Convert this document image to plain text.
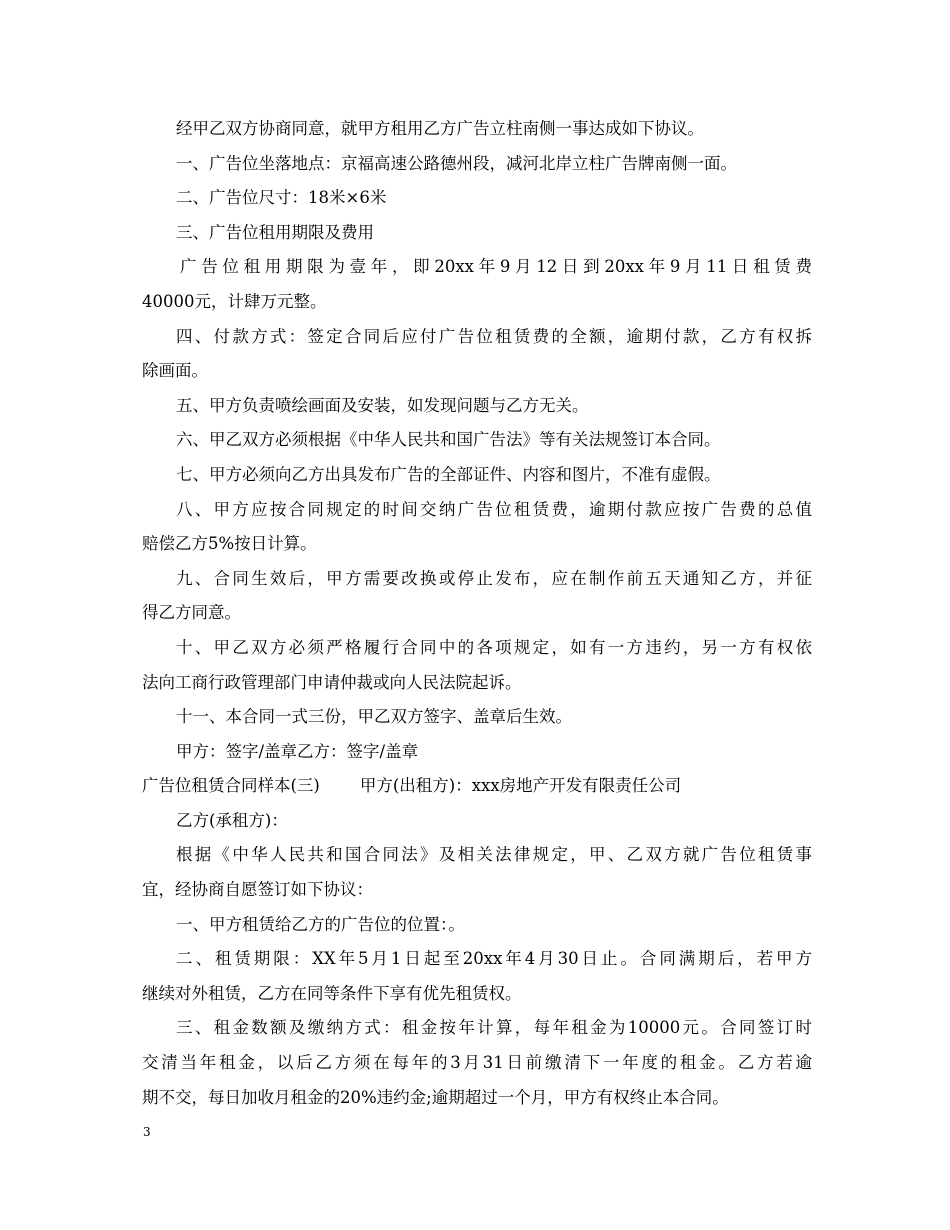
经甲乙双方协商同意，就甲方租用乙方广告立柱南侧一事达成如下协议。
一、广告位坐落地点：京福高速公路德州段，减河北岸立柱广告牌南侧一面。
二、广告位尺寸：18米×6米
三、广告位租用期限及费用
广告位租用期限为壹年，即20xx年9月12日到20xx年9月11日租赁费
40000元，计肆万元整。
四、付款方式：签定合同后应付广告位租赁费的全额，逾期付款，乙方有权拆
除画面。
五、甲方负责喷绘画面及安装，如发现问题与乙方无关。
六、甲乙双方必须根据《中华人民共和国广告法》等有关法规签订本合同。
七、甲方必须向乙方出具发布广告的全部证件、内容和图片，不准有虚假。
八、甲方应按合同规定的时间交纳广告位租赁费，逾期付款应按广告费的总值
赔偿乙方5%按日计算。
九、合同生效后，甲方需要改换或停止发布，应在制作前五天通知乙方，并征
得乙方同意。
十、甲乙双方必须严格履行合同中的各项规定，如有一方违约，另一方有权依
法向工商行政管理部门申请仲裁或向人民法院起诉。
十一、本合同一式三份，甲乙双方签字、盖章后生效。
甲方：签字/盖章乙方：签字/盖章
广告位租赁合同样本(三) 甲方(出租方)：xxx房地产开发有限责任公司
乙方(承租方)：
根据《中华人民共和国合同法》及相关法律规定，甲、乙双方就广告位租赁事
宜，经协商自愿签订如下协议：
一、甲方租赁给乙方的广告位的位置：。
二、租赁期限：XX年5月1日起至20xx年4月30日止。合同满期后，若甲方
继续对外租赁，乙方在同等条件下享有优先租赁权。
三、租金数额及缴纳方式：租金按年计算，每年租金为10000元。合同签订时
交清当年租金，以后乙方须在每年的3月31日前缴清下一年度的租金。乙方若逾
期不交，每日加收月租金的20%违约金;逾期超过一个月，甲方有权终止本合同。
3
